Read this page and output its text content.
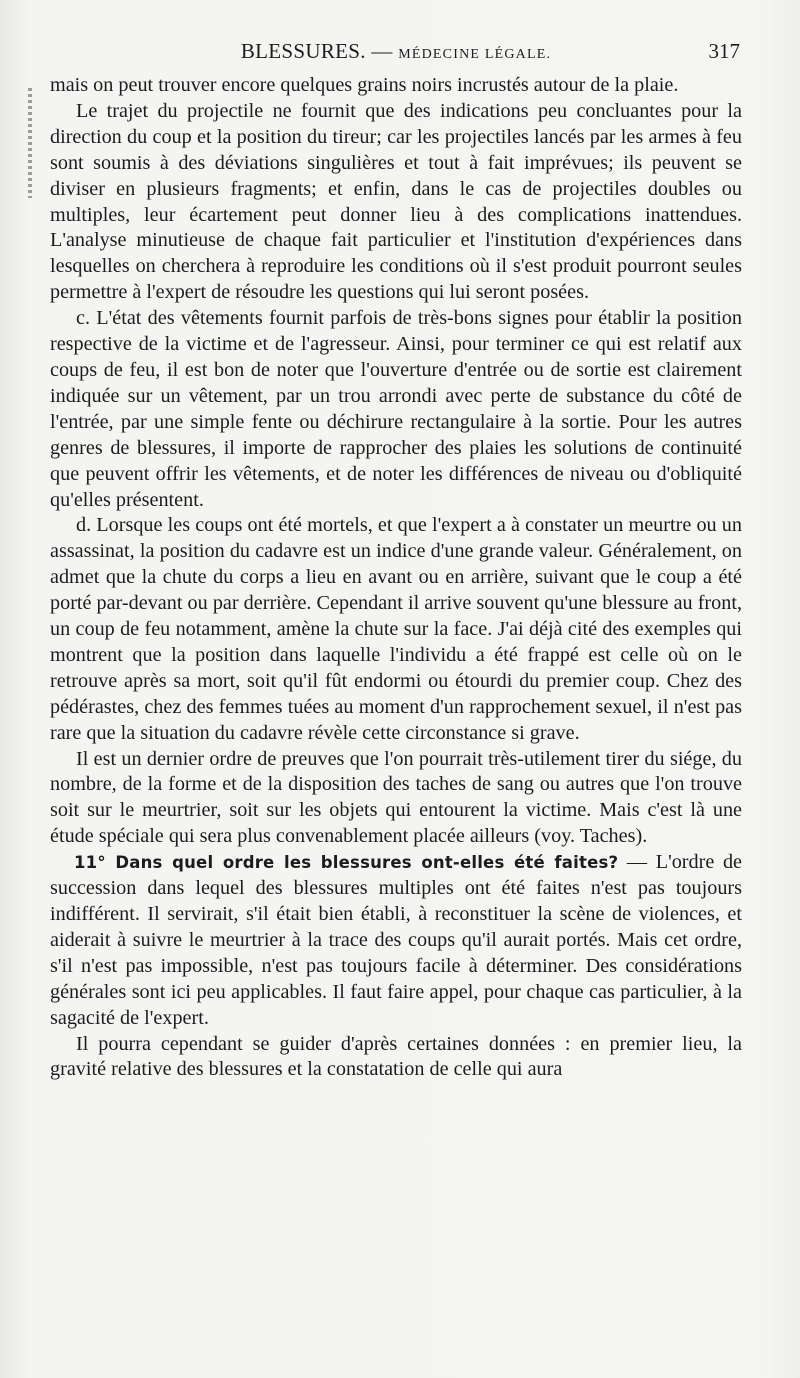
BLESSURES. — MÉDECINE LÉGALE.	317

mais on peut trouver encore quelques grains noirs incrustés autour de la plaie.

Le trajet du projectile ne fournit que des indications peu concluantes pour la direction du coup et la position du tireur; car les projectiles lancés par les armes à feu sont soumis à des déviations singulières et tout à fait imprévues; ils peuvent se diviser en plusieurs fragments; et enfin, dans le cas de projectiles doubles ou multiples, leur écartement peut donner lieu à des complications inattendues. L'analyse minutieuse de chaque fait particulier et l'institution d'expériences dans lesquelles on cherchera à reproduire les conditions où il s'est produit pourront seules permettre à l'expert de résoudre les questions qui lui seront posées.

c. L'état des vêtements fournit parfois de très-bons signes pour établir la position respective de la victime et de l'agresseur. Ainsi, pour terminer ce qui est relatif aux coups de feu, il est bon de noter que l'ouverture d'entrée ou de sortie est clairement indiquée sur un vêtement, par un trou arrondi avec perte de substance du côté de l'entrée, par une simple fente ou déchirure rectangulaire à la sortie. Pour les autres genres de blessures, il importe de rapprocher des plaies les solutions de continuité que peuvent offrir les vêtements, et de noter les différences de niveau ou d'obliquité qu'elles présentent.

d. Lorsque les coups ont été mortels, et que l'expert a à constater un meurtre ou un assassinat, la position du cadavre est un indice d'une grande valeur. Généralement, on admet que la chute du corps a lieu en avant ou en arrière, suivant que le coup a été porté par-devant ou par derrière. Cependant il arrive souvent qu'une blessure au front, un coup de feu notamment, amène la chute sur la face. J'ai déjà cité des exemples qui montrent que la position dans laquelle l'individu a été frappé est celle où on le retrouve après sa mort, soit qu'il fût endormi ou étourdi du premier coup. Chez des pédérastes, chez des femmes tuées au moment d'un rapprochement sexuel, il n'est pas rare que la situation du cadavre révèle cette circonstance si grave.

Il est un dernier ordre de preuves que l'on pourrait très-utilement tirer du siége, du nombre, de la forme et de la disposition des taches de sang ou autres que l'on trouve soit sur le meurtrier, soit sur les objets qui entourent la victime. Mais c'est là une étude spéciale qui sera plus convenablement placée ailleurs (voy. Taches).

11° Dans quel ordre les blessures ont-elles été faites? — L'ordre de succession dans lequel des blessures multiples ont été faites n'est pas toujours indifférent. Il servirait, s'il était bien établi, à reconstituer la scène de violences, et aiderait à suivre le meurtrier à la trace des coups qu'il aurait portés. Mais cet ordre, s'il n'est pas impossible, n'est pas toujours facile à déterminer. Des considérations générales sont ici peu applicables. Il faut faire appel, pour chaque cas particulier, à la sagacité de l'expert.

Il pourra cependant se guider d'après certaines données : en premier lieu, la gravité relative des blessures et la constatation de celle qui aura
